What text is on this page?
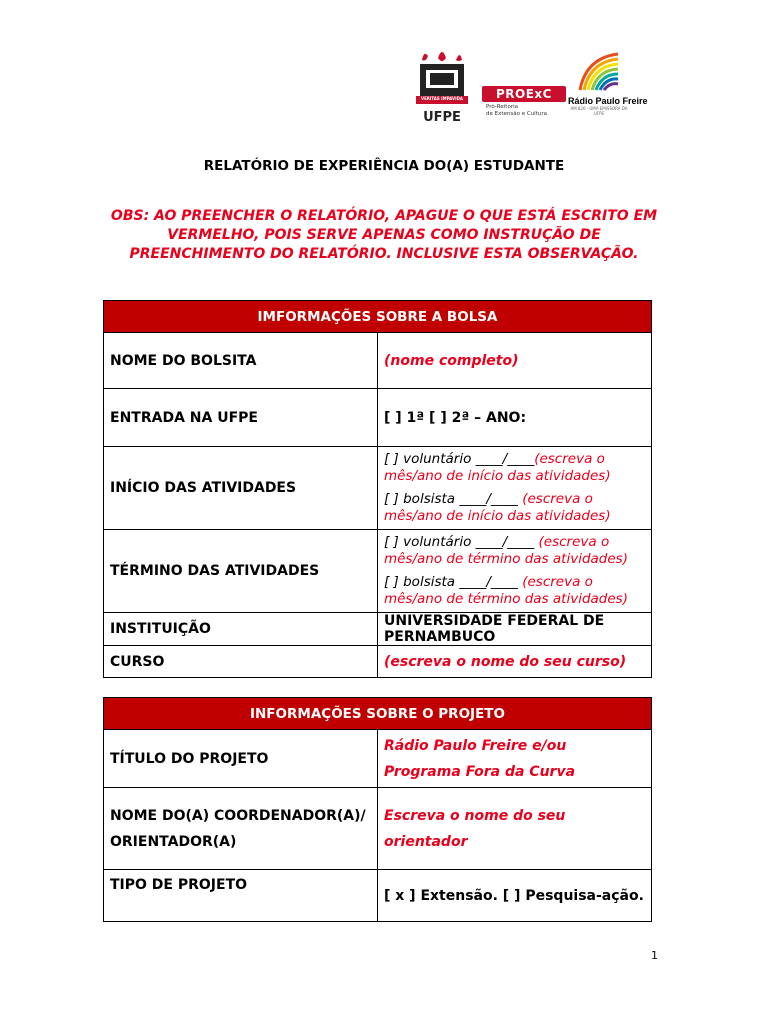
VERITAS IMPAVIDA
UFPE
PROExC
Pró-Reitoria
de Extensão e Cultura
Rádio Paulo Freire
AM 820 · UMA EMISSORA DA UFPE
RELATÓRIO DE EXPERIÊNCIA DO(A) ESTUDANTE
OBS: AO PREENCHER O RELATÓRIO, APAGUE O QUE ESTÁ ESCRITO EM VERMELHO, POIS SERVE APENAS COMO INSTRUÇÃO DE PREENCHIMENTO DO RELATÓRIO. INCLUSIVE ESTA OBSERVAÇÃO.
IMFORMAÇÕES SOBRE A BOLSA	
NOME DO BOLSITA	(nome completo)
ENTRADA NA UFPE	[ ] 1ª [ ] 2ª – ANO:
INÍCIO DAS ATIVIDADES	[ ] voluntário ____/____(escreva o mês/ano de início das atividades)
[ ] bolsista ____/____ (escreva o mês/ano de início das atividades)

TÉRMINO DAS ATIVIDADES	[ ] voluntário ____/____ (escreva o mês/ano de término das atividades)
[ ] bolsista ____/____ (escreva o mês/ano de término das atividades)

INSTITUIÇÃO	UNIVERSIDADE FEDERAL DE PERNAMBUCO
CURSO	(escreva o nome do seu curso)
INFORMAÇÕES SOBRE O PROJETO	
TÍTULO DO PROJETO	Rádio Paulo Freire e/ou Programa Fora da Curva
NOME DO(A) COORDENADOR(A)/ORIENTADOR(A)	Escreva o nome do seu orientador
TIPO DE PROJETO	[ x ] Extensão. [ ] Pesquisa-ação.
1
